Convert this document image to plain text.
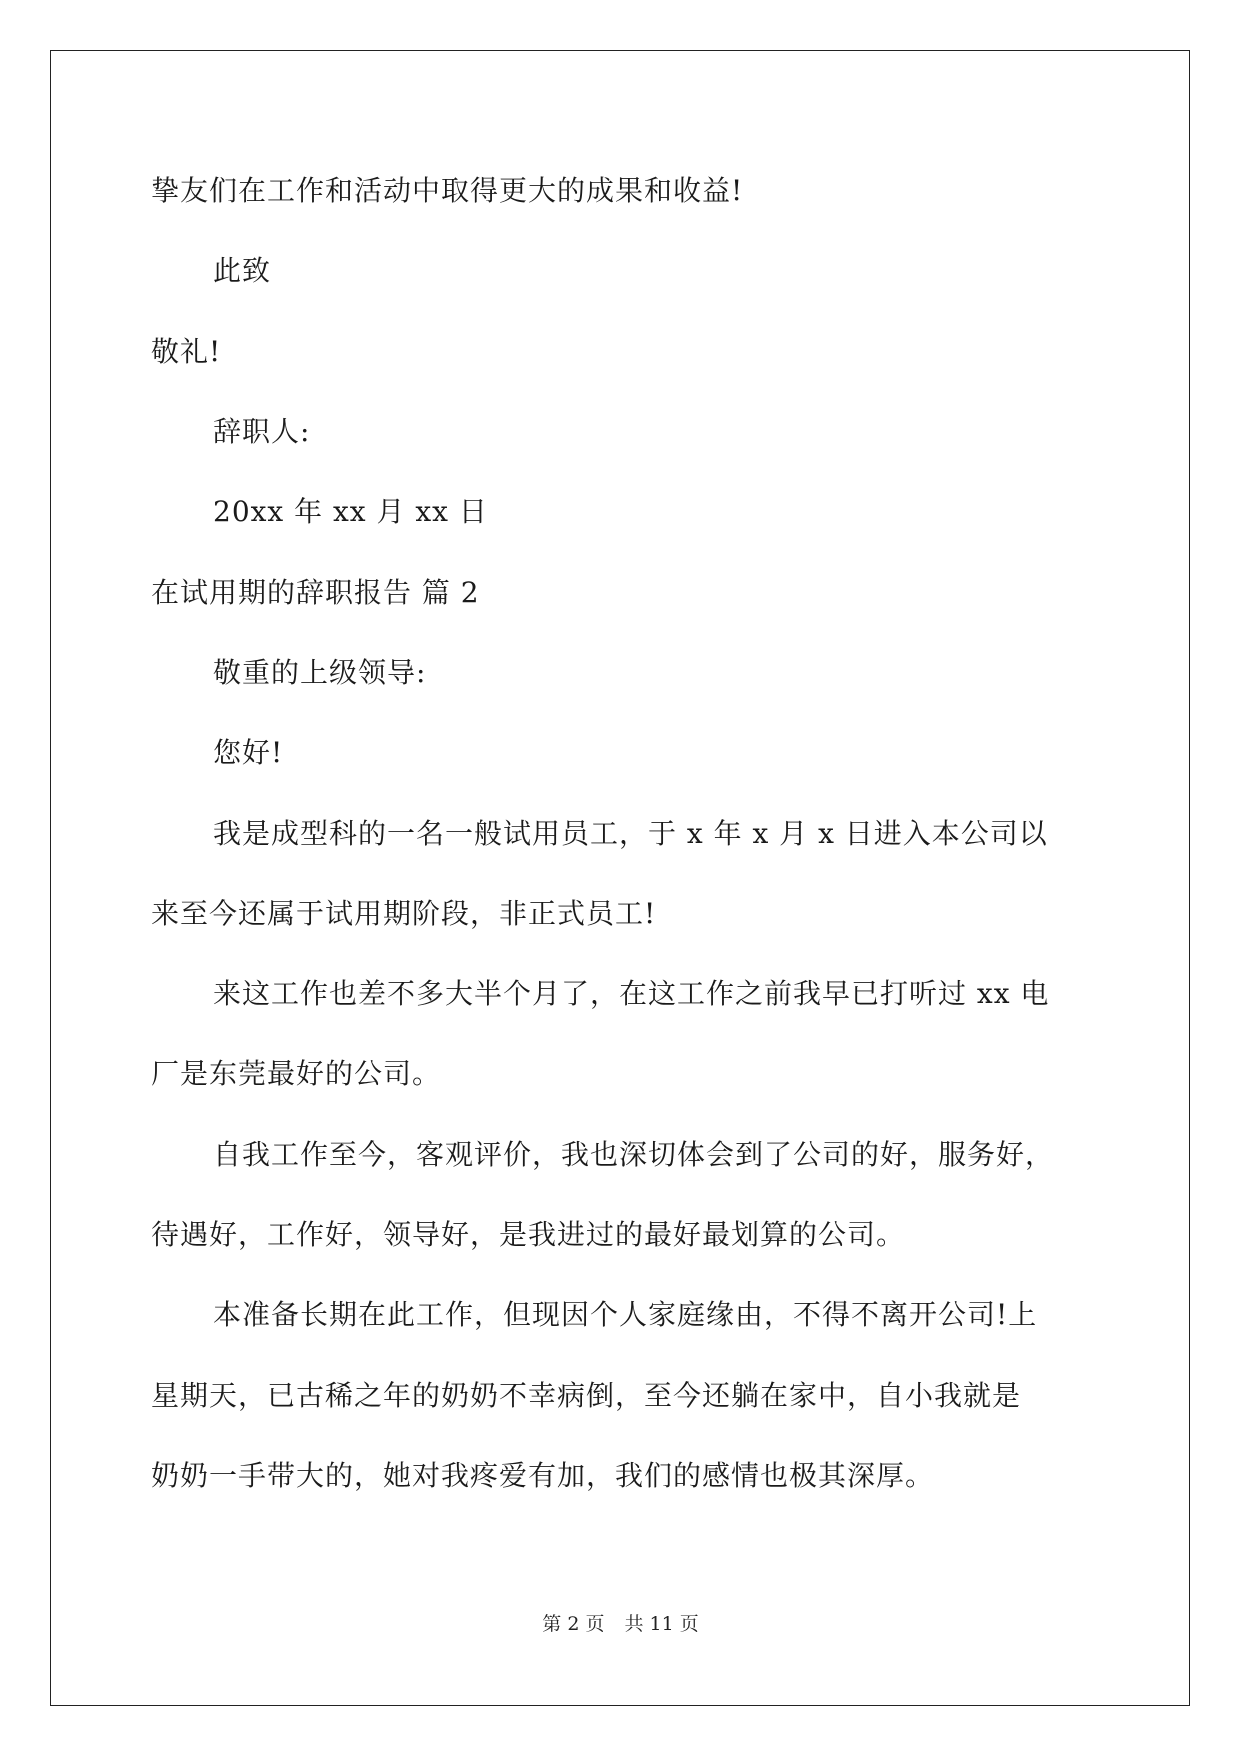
挚友们在工作和活动中取得更大的成果和收益!
此致
敬礼!
辞职人:
20xx 年 xx 月 xx 日
在试用期的辞职报告 篇 2
敬重的上级领导:
您好!
我是成型科的一名一般试用员工，于 x 年 x 月 x 日进入本公司以
来至今还属于试用期阶段，非正式员工!
来这工作也差不多大半个月了，在这工作之前我早已打听过 xx 电
厂是东莞最好的公司。
自我工作至今，客观评价，我也深切体会到了公司的好，服务好，
待遇好，工作好，领导好，是我进过的最好最划算的公司。
本准备长期在此工作，但现因个人家庭缘由，不得不离开公司!上
星期天，已古稀之年的奶奶不幸病倒，至今还躺在家中，自小我就是
奶奶一手带大的，她对我疼爱有加，我们的感情也极其深厚。
第 2 页 共 11 页
